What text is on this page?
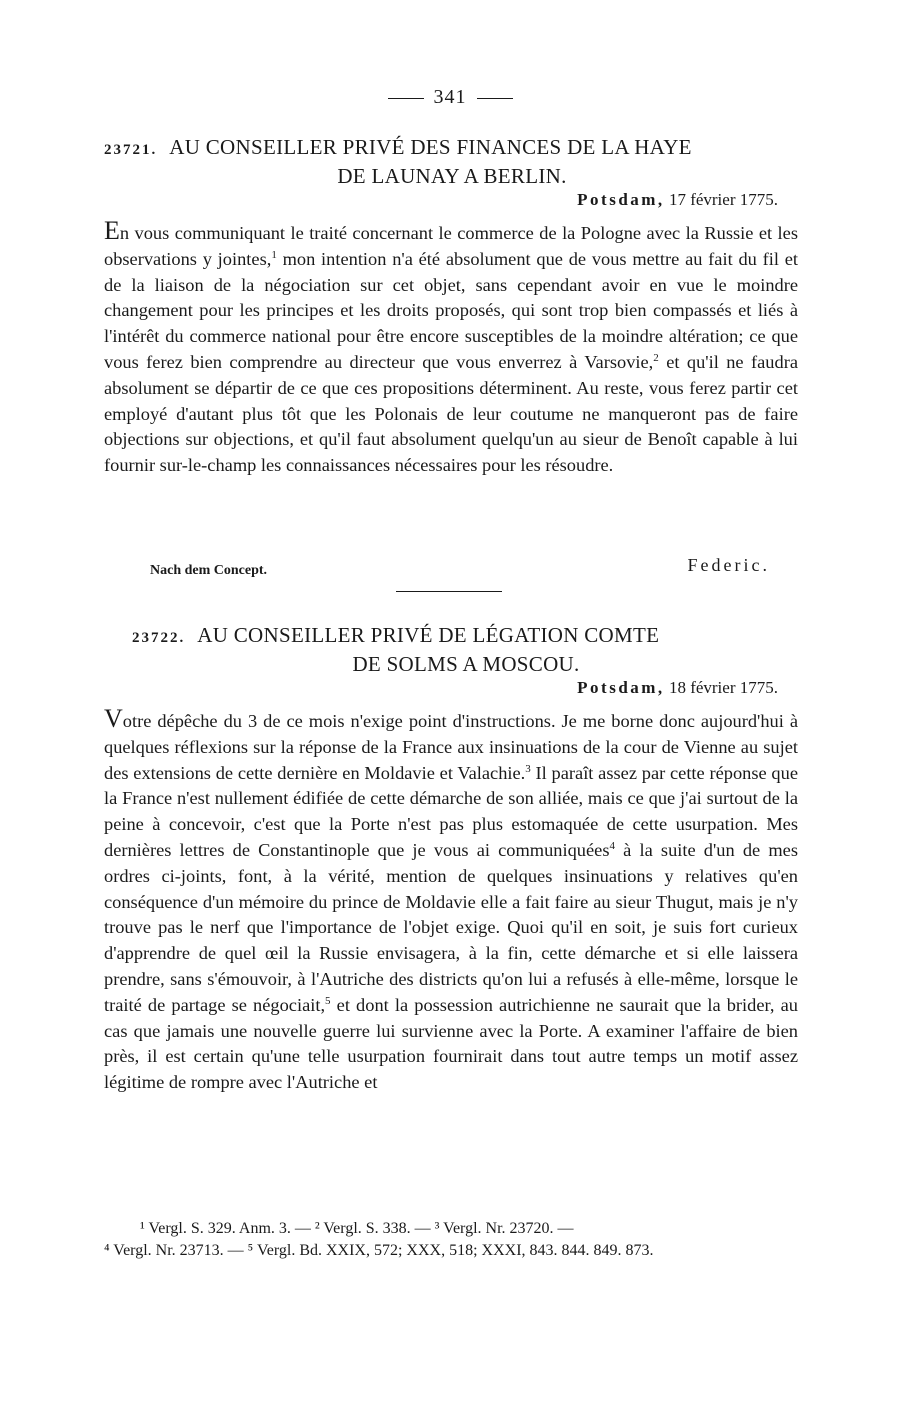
341
23721. AU CONSEILLER PRIVÉ DES FINANCES DE LA HAYE
DE LAUNAY A BERLIN.
Potsdam, 17 février 1775.
En vous communiquant le traité concernant le commerce de la Pologne avec la Russie et les observations y jointes,$^1$ mon intention n'a été absolument que de vous mettre au fait du fil et de la liaison de la négociation sur cet objet, sans cependant avoir en vue le moindre changement pour les principes et les droits proposés, qui sont trop bien compassés et liés à l'intérêt du commerce national pour être encore susceptibles de la moindre altération; ce que vous ferez bien comprendre au directeur que vous enverrez à Varsovie,$^2$ et qu'il ne faudra absolument se départir de ce que ces propositions déterminent. Au reste, vous ferez partir cet employé d'autant plus tôt que les Polonais de leur coutume ne manqueront pas de faire objections sur objections, et qu'il faut absolument quelqu'un au sieur de Benoît capable à lui fournir sur-le-champ les connaissances nécessaires pour les résoudre.
Nach dem Concept.	Federic.
23722. AU CONSEILLER PRIVÉ DE LÉGATION COMTE
DE SOLMS A MOSCOU.
Potsdam, 18 février 1775.
Votre dépêche du 3 de ce mois n'exige point d'instructions. Je me borne donc aujourd'hui à quelques réflexions sur la réponse de la France aux insinuations de la cour de Vienne au sujet des extensions de cette dernière en Moldavie et Valachie.$^3$ Il paraît assez par cette réponse que la France n'est nullement édifiée de cette démarche de son alliée, mais ce que j'ai surtout de la peine à concevoir, c'est que la Porte n'est pas plus estomaquée de cette usurpation. Mes dernières lettres de Constantinople que je vous ai communiquées$^4$ à la suite d'un de mes ordres ci-joints, font, à la vérité, mention de quelques insinuations y relatives qu'en conséquence d'un mémoire du prince de Moldavie elle a fait faire au sieur Thugut, mais je n'y trouve pas le nerf que l'importance de l'objet exige. Quoi qu'il en soit, je suis fort curieux d'apprendre de quel œil la Russie envisagera, à la fin, cette démarche et si elle laissera prendre, sans s'émouvoir, à l'Autriche des districts qu'on lui a refusés à elle-même, lorsque le traité de partage se négociait,$^5$ et dont la possession autrichienne ne saurait que la brider, au cas que jamais une nouvelle guerre lui survienne avec la Porte. A examiner l'affaire de bien près, il est certain qu'une telle usurpation fournirait dans tout autre temps un motif assez légitime de rompre avec l'Autriche et
¹ Vergl. S. 329. Anm. 3. — ² Vergl. S. 338. — ³ Vergl. Nr. 23720. —
⁴ Vergl. Nr. 23713. — ⁵ Vergl. Bd. XXIX, 572; XXX, 518; XXXI, 843. 844. 849. 873.
